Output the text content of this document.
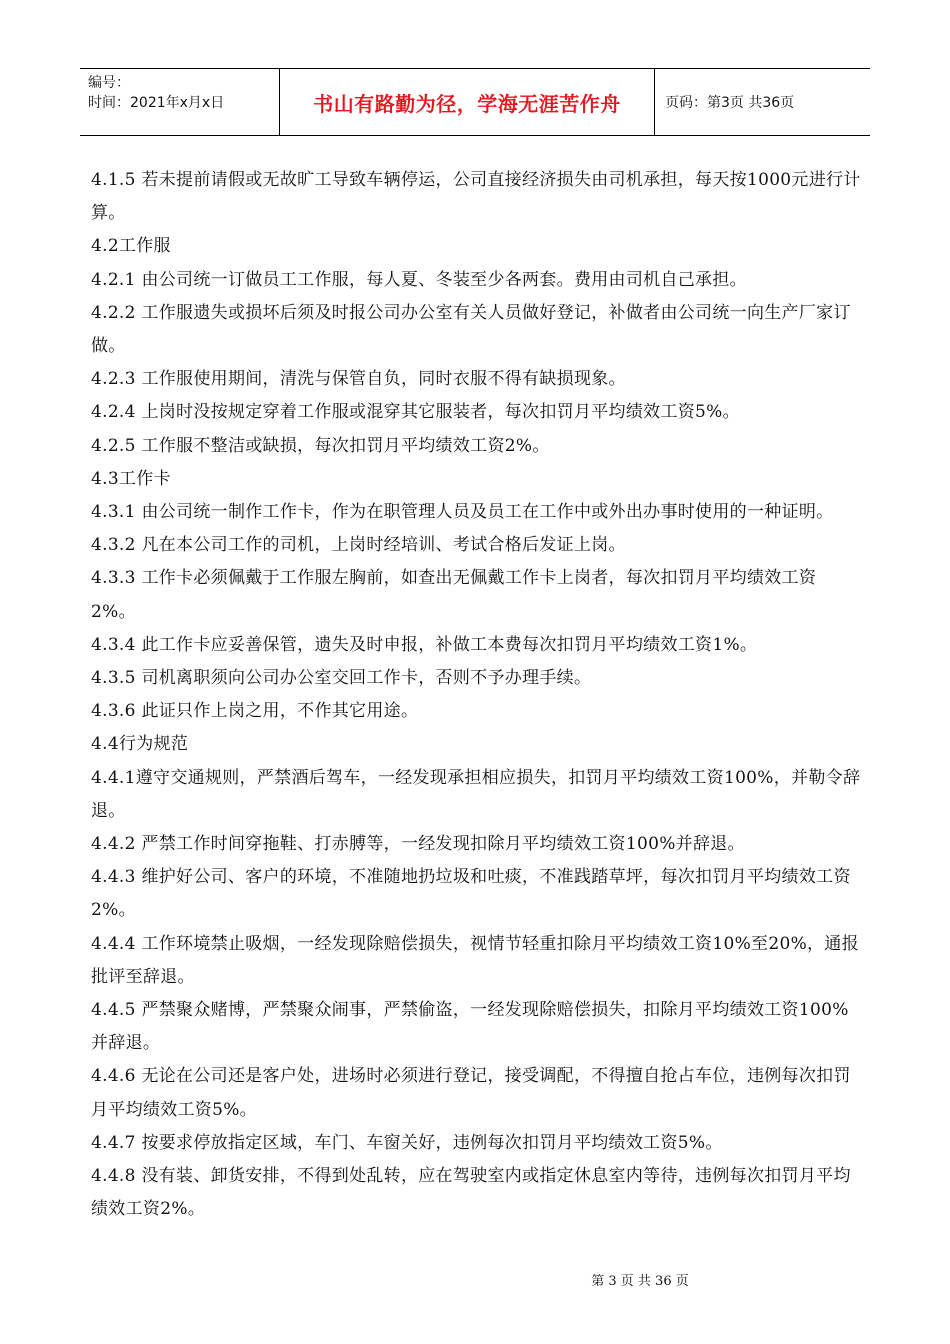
编号：
时间：2021年x月x日	书山有路勤为径，学海无涯苦作舟	页码：第3页 共36页

4.1.5 若未提前请假或无故旷工导致车辆停运，公司直接经济损失由司机承担，每天按1000元进行计算。

4.2工作服

4.2.1 由公司统一订做员工工作服，每人夏、冬装至少各两套。费用由司机自己承担。

4.2.2 工作服遗失或损坏后须及时报公司办公室有关人员做好登记，补做者由公司统一向生产厂家订做。

4.2.3 工作服使用期间，清洗与保管自负，同时衣服不得有缺损现象。

4.2.4 上岗时没按规定穿着工作服或混穿其它服装者，每次扣罚月平均绩效工资5%。

4.2.5 工作服不整洁或缺损，每次扣罚月平均绩效工资2%。

4.3工作卡

4.3.1 由公司统一制作工作卡，作为在职管理人员及员工在工作中或外出办事时使用的一种证明。

4.3.2 凡在本公司工作的司机，上岗时经培训、考试合格后发证上岗。

4.3.3 工作卡必须佩戴于工作服左胸前，如查出无佩戴工作卡上岗者，每次扣罚月平均绩效工资2%。

4.3.4 此工作卡应妥善保管，遗失及时申报，补做工本费每次扣罚月平均绩效工资1%。

4.3.5 司机离职须向公司办公室交回工作卡，否则不予办理手续。

4.3.6 此证只作上岗之用，不作其它用途。

4.4行为规范

4.4.1遵守交通规则，严禁酒后驾车，一经发现承担相应损失，扣罚月平均绩效工资100%，并勒令辞退。

4.4.2 严禁工作时间穿拖鞋、打赤膊等，一经发现扣除月平均绩效工资100%并辞退。

4.4.3 维护好公司、客户的环境，不准随地扔垃圾和吐痰，不准践踏草坪，每次扣罚月平均绩效工资2%。

4.4.4 工作环境禁止吸烟，一经发现除赔偿损失，视情节轻重扣除月平均绩效工资10%至20%，通报批评至辞退。

4.4.5 严禁聚众赌博，严禁聚众闹事，严禁偷盗，一经发现除赔偿损失，扣除月平均绩效工资100%并辞退。

4.4.6 无论在公司还是客户处，进场时必须进行登记，接受调配，不得擅自抢占车位，违例每次扣罚月平均绩效工资5%。

4.4.7 按要求停放指定区域，车门、车窗关好，违例每次扣罚月平均绩效工资5%。

4.4.8 没有装、卸货安排，不得到处乱转，应在驾驶室内或指定休息室内等待，违例每次扣罚月平均绩效工资2%。

第 3 页 共 36 页
